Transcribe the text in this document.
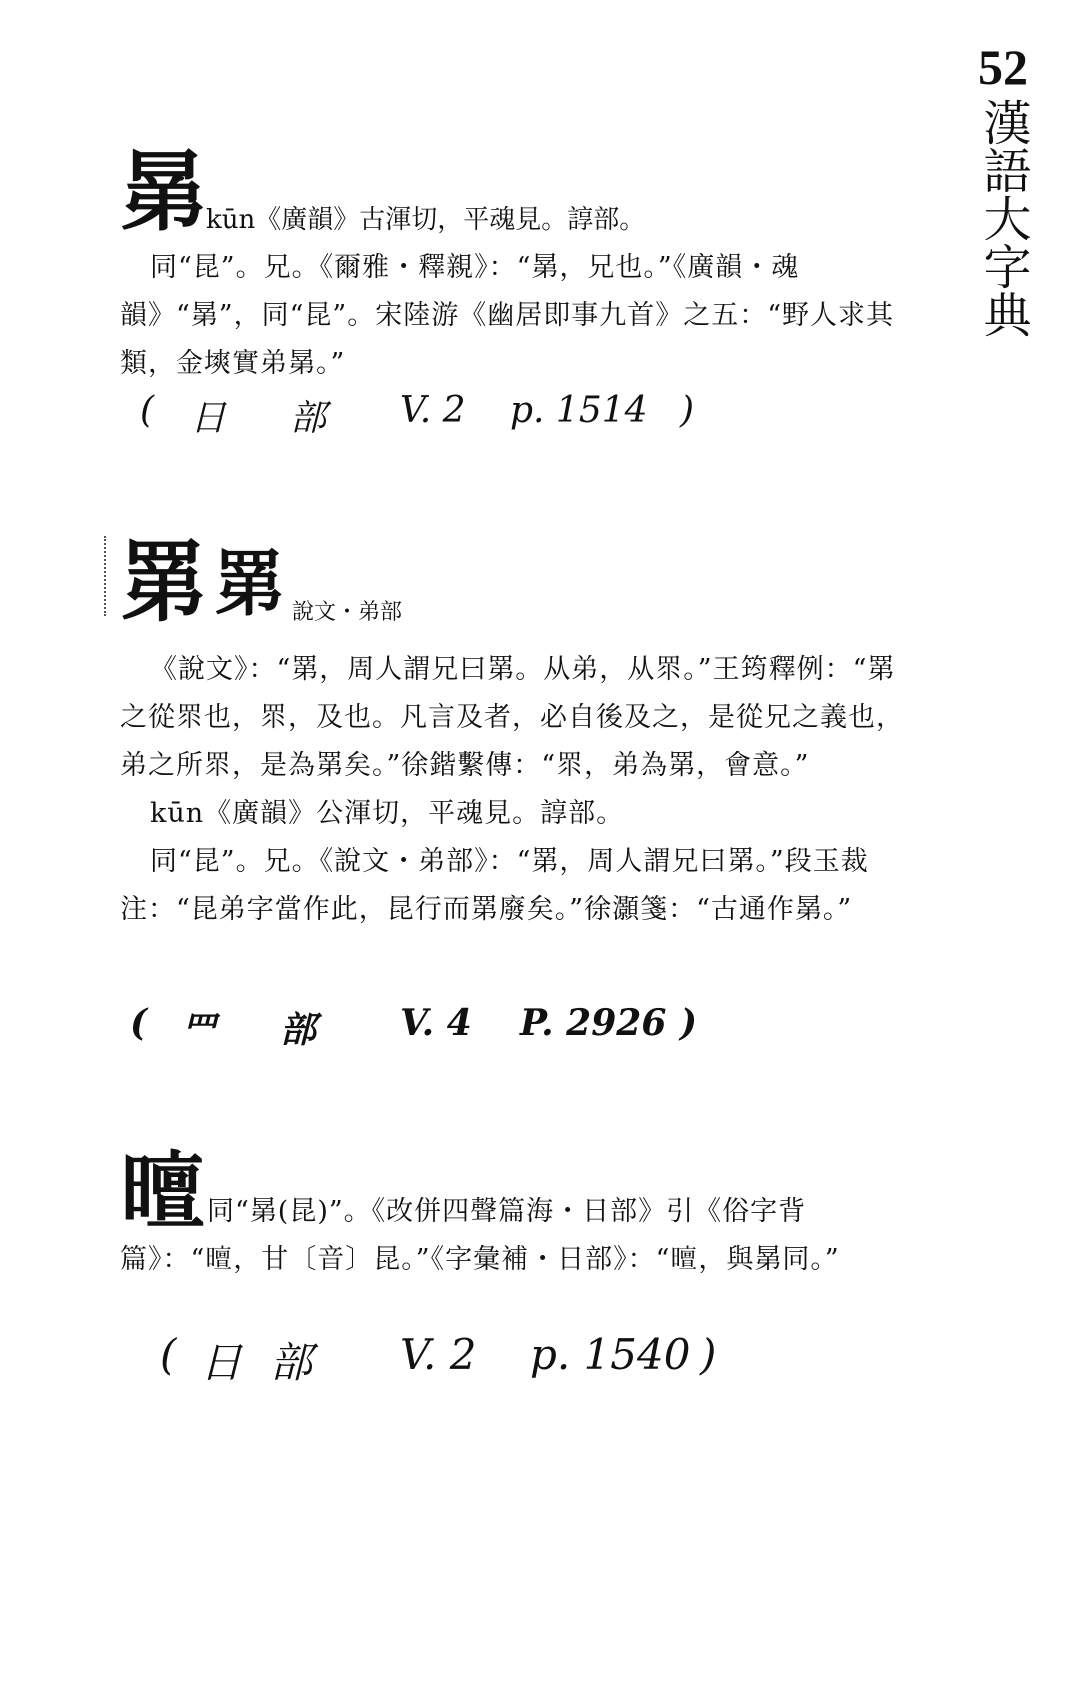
52
漢語大字典
晜kūn《廣韻》古渾切，平魂見。諄部。

同“昆”。兄。《爾雅・釋親》：“晜，兄也。”《廣韻・魂韻》“晜”，同“昆”。宋陸游《幽居即事九首》之五：“野人求其類，金塽實弟晜。”

( 日	部	V. 2	p. 1514 )
罤 罤 說文・弟部

《說文》：“罤，周人謂兄曰罤。从弟，从眔。”王筠釋例：“罤之從眔也，眔，及也。凡言及者，必自後及之，是從兄之義也，弟之所眔，是為罤矣。”徐鍇繫傳：“眔，弟為罤，會意。”

kūn《廣韻》公渾切，平魂見。諄部。

同“昆”。兄。《說文・弟部》：“罤，周人謂兄曰罤。”段玉裁注：“昆弟字當作此，昆行而罤廢矣。”徐灝箋：“古通作晜。”

( 罒	部	V. 4	P. 2926 )

𣋊同“晜(昆)”。《改併四聲篇海・日部》引《俗字背篇》：“𣋊，甘〔音〕昆。”《字彙補・日部》：“𣋊，與晜同。”

( 日 部	V. 2	p. 1540 )
